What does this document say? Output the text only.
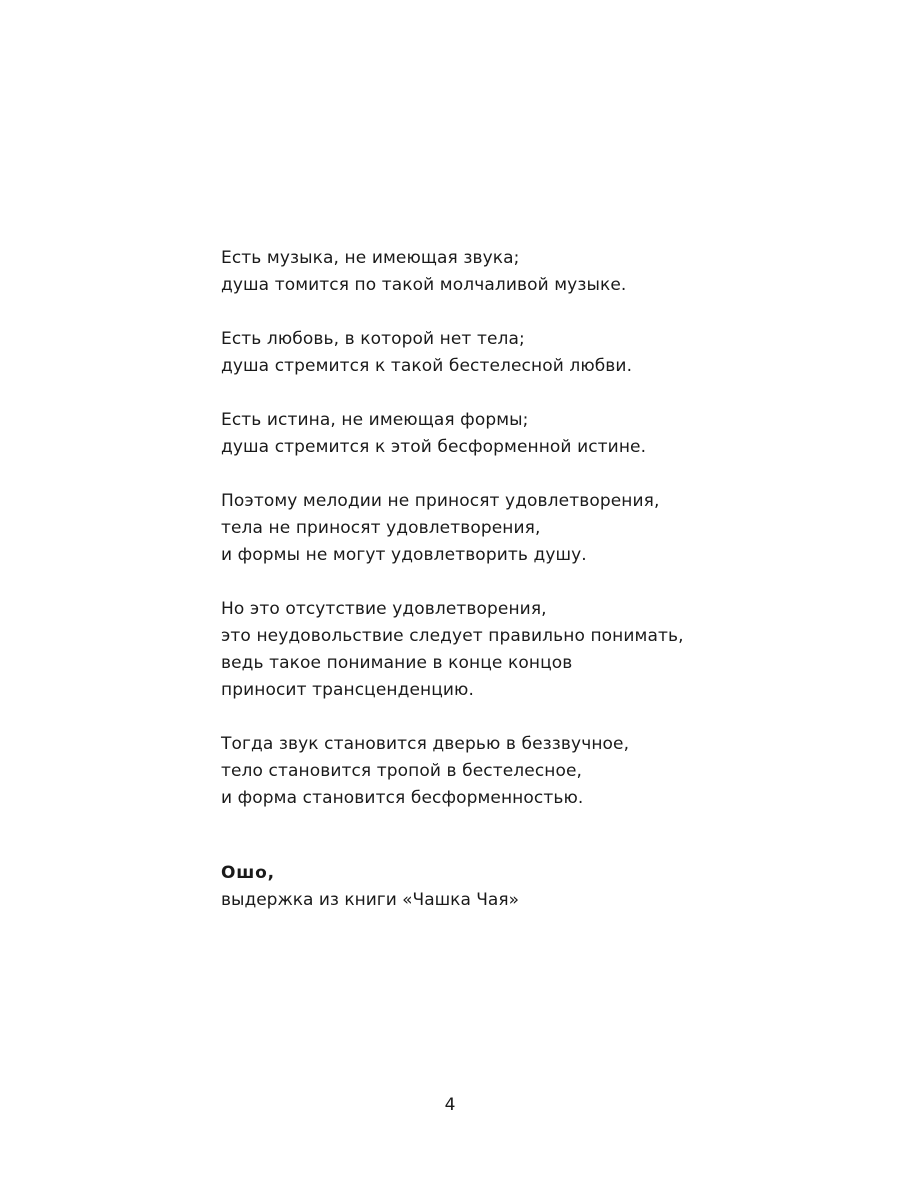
Есть музыка, не имеющая звука;
душа томится по такой молчаливой музыке.
Есть любовь, в которой нет тела;
душа стремится к такой бестелесной любви.
Есть истина, не имеющая формы;
душа стремится к этой бесформенной истине.
Поэтому мелодии не приносят удовлетворения,
тела не приносят удовлетворения,
и формы не могут удовлетворить душу.
Но это отсутствие удовлетворения,
это неудовольствие следует правильно понимать,
ведь такое понимание в конце концов
приносит трансценденцию.
Тогда звук становится дверью в беззвучное,
тело становится тропой в бестелесное,
и форма становится бесформенностью.
Ошо,
выдержка из книги «Чашка Чая»
4
